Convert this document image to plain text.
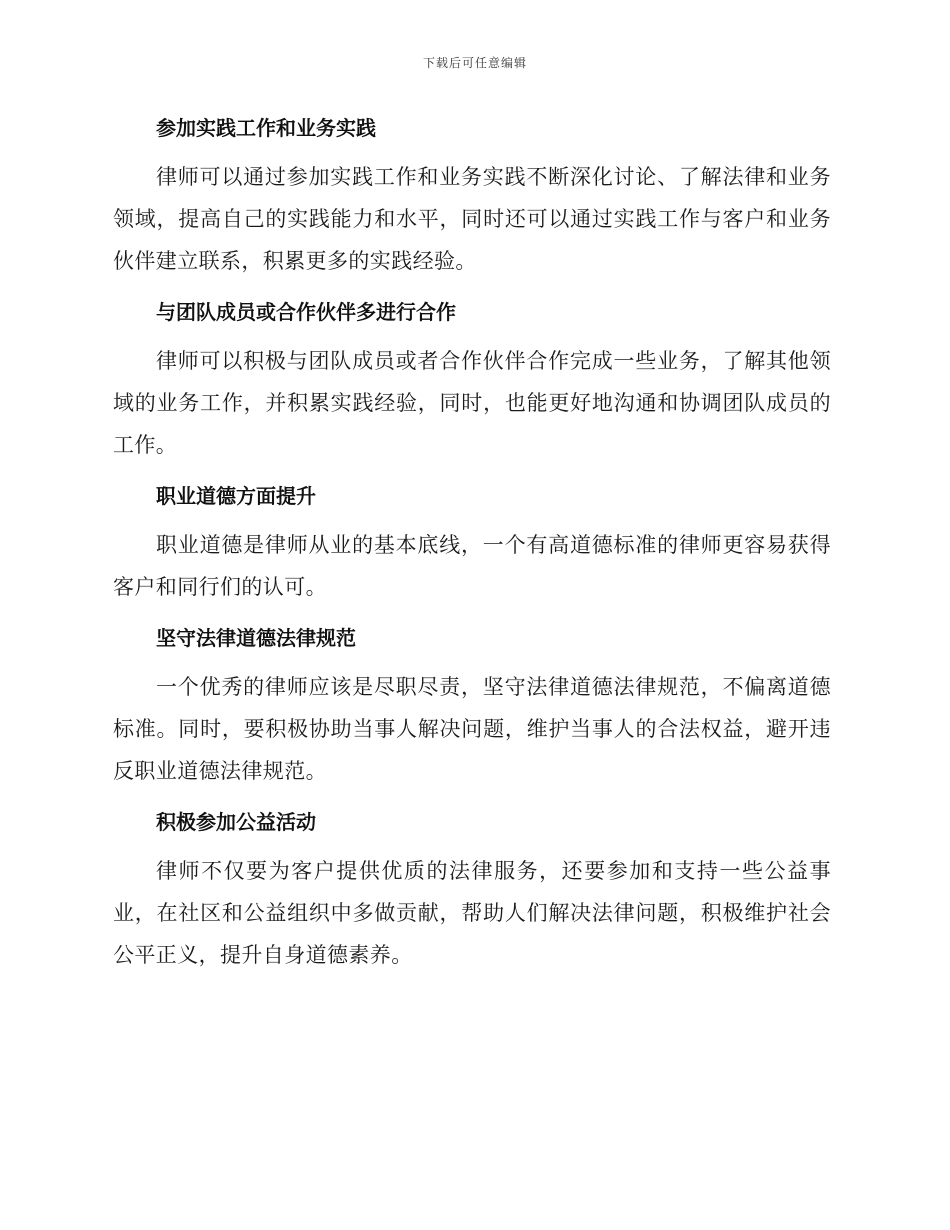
下载后可任意编辑
参加实践工作和业务实践

律师可以通过参加实践工作和业务实践不断深化讨论、了解法律和业务领域，提高自己的实践能力和水平，同时还可以通过实践工作与客户和业务伙伴建立联系，积累更多的实践经验。

与团队成员或合作伙伴多进行合作

律师可以积极与团队成员或者合作伙伴合作完成一些业务，了解其他领域的业务工作，并积累实践经验，同时，也能更好地沟通和协调团队成员的工作。

职业道德方面提升

职业道德是律师从业的基本底线，一个有高道德标准的律师更容易获得客户和同行们的认可。

坚守法律道德法律规范

一个优秀的律师应该是尽职尽责，坚守法律道德法律规范，不偏离道德标准。同时，要积极协助当事人解决问题，维护当事人的合法权益，避开违反职业道德法律规范。

积极参加公益活动

律师不仅要为客户提供优质的法律服务，还要参加和支持一些公益事业，在社区和公益组织中多做贡献，帮助人们解决法律问题，积极维护社会公平正义，提升自身道德素养。
